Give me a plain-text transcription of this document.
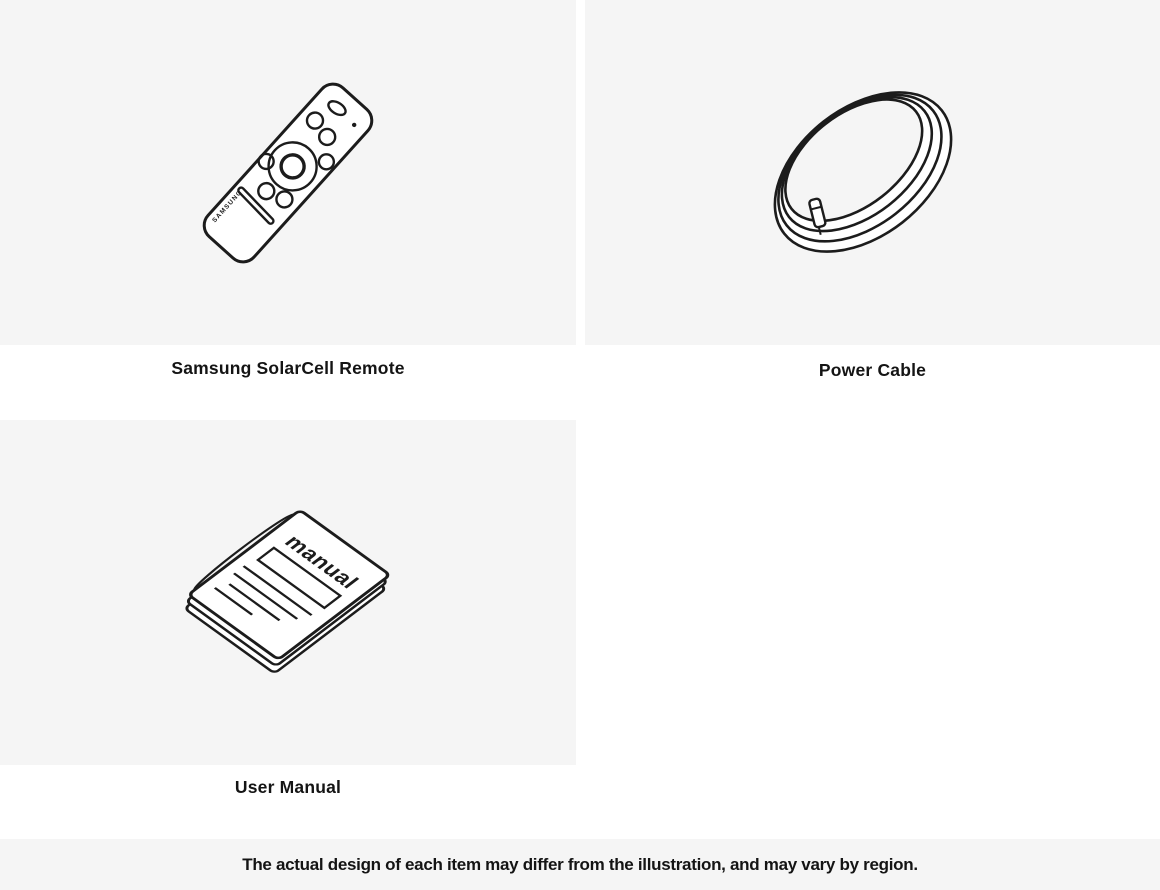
SAMSUNG
Samsung SolarCell Remote	Power Cable
manual
User Manual
The actual design of each item may differ from the illustration, and may vary by region.
